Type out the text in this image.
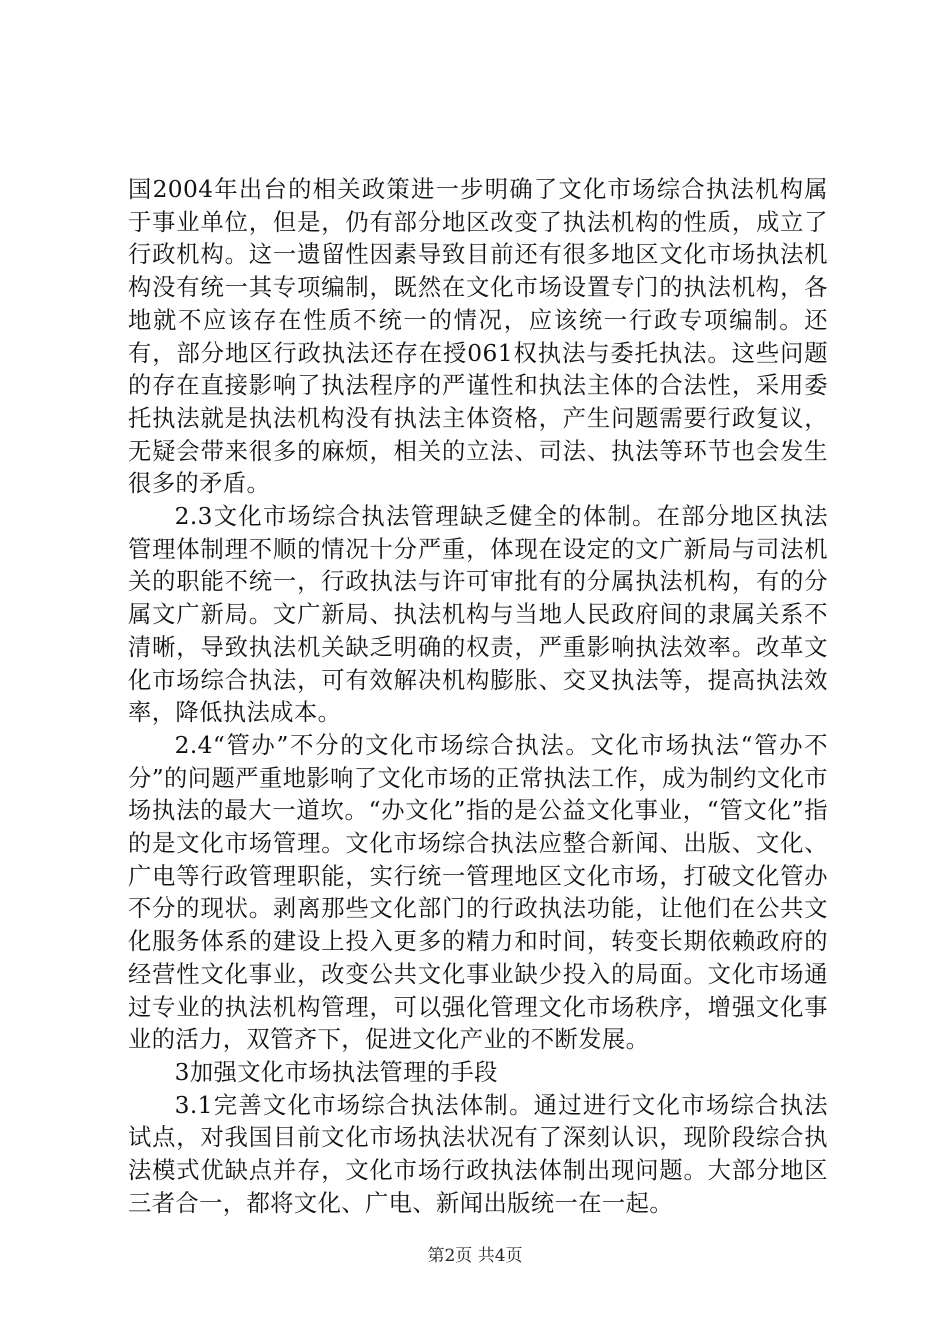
国2004年出台的相关政策进一步明确了文化市场综合执法机构属于事业单位，但是，仍有部分地区改变了执法机构的性质，成立了行政机构。这一遗留性因素导致目前还有很多地区文化市场执法机构没有统一其专项编制，既然在文化市场设置专门的执法机构，各地就不应该存在性质不统一的情况，应该统一行政专项编制。还有，部分地区行政执法还存在授061权执法与委托执法。这些问题的存在直接影响了执法程序的严谨性和执法主体的合法性，采用委托执法就是执法机构没有执法主体资格，产生问题需要行政复议，无疑会带来很多的麻烦，相关的立法、司法、执法等环节也会发生很多的矛盾。

2.3文化市场综合执法管理缺乏健全的体制。在部分地区执法管理体制理不顺的情况十分严重，体现在设定的文广新局与司法机关的职能不统一，行政执法与许可审批有的分属执法机构，有的分属文广新局。文广新局、执法机构与当地人民政府间的隶属关系不清晰，导致执法机关缺乏明确的权责，严重影响执法效率。改革文化市场综合执法，可有效解决机构膨胀、交叉执法等，提高执法效率，降低执法成本。

2.4“管办”不分的文化市场综合执法。文化市场执法“管办不分”的问题严重地影响了文化市场的正常执法工作，成为制约文化市场执法的最大一道坎。“办文化”指的是公益文化事业，“管文化”指的是文化市场管理。文化市场综合执法应整合新闻、出版、文化、广电等行政管理职能，实行统一管理地区文化市场，打破文化管办不分的现状。剥离那些文化部门的行政执法功能，让他们在公共文化服务体系的建设上投入更多的精力和时间，转变长期依赖政府的经营性文化事业，改变公共文化事业缺少投入的局面。文化市场通过专业的执法机构管理，可以强化管理文化市场秩序，增强文化事业的活力，双管齐下，促进文化产业的不断发展。

3加强文化市场执法管理的手段

3.1完善文化市场综合执法体制。通过进行文化市场综合执法试点，对我国目前文化市场执法状况有了深刻认识，现阶段综合执法模式优缺点并存，文化市场行政执法体制出现问题。大部分地区三者合一，都将文化、广电、新闻出版统一在一起。

第2页 共4页
